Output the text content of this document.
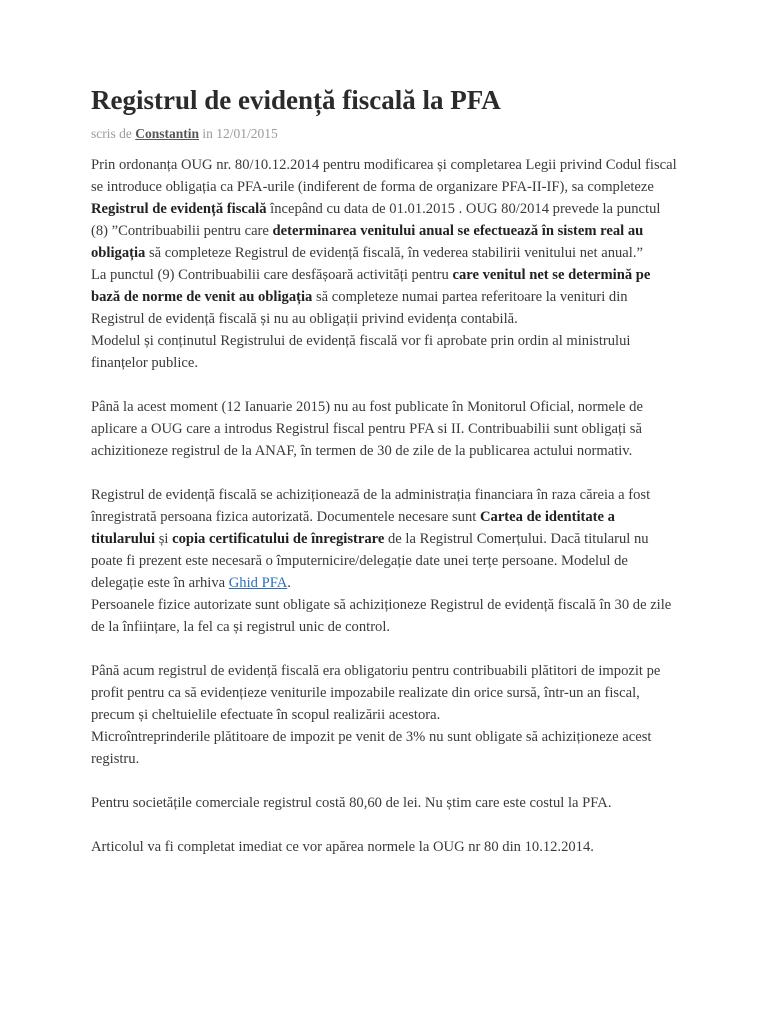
Registrul de evidență fiscală la PFA
scris de Constantin in 12/01/2015

Prin ordonanța OUG nr. 80/10.12.2014 pentru modificarea și completarea Legii privind Codul fiscal se introduce obligația ca PFA-urile (indiferent de forma de organizare PFA-II-IF), sa completeze Registrul de evidență fiscală începând cu data de 01.01.2015 . OUG 80/2014 prevede la punctul (8) ”Contribuabilii pentru care determinarea venitului anual se efectuează în sistem real au obligația să completeze Registrul de evidență fiscală, în vederea stabilirii venitului net anual.”
La punctul (9) Contribuabilii care desfășoară activități pentru care venitul net se determină pe bază de norme de venit au obligația să completeze numai partea referitoare la venituri din Registrul de evidență fiscală și nu au obligații privind evidența contabilă.
Modelul și conținutul Registrului de evidență fiscală vor fi aprobate prin ordin al ministrului finanțelor publice.

Până la acest moment (12 Ianuarie 2015) nu au fost publicate în Monitorul Oficial, normele de aplicare a OUG care a introdus Registrul fiscal pentru PFA si II. Contribuabilii sunt obligați să achizitioneze registrul de la ANAF, în termen de 30 de zile de la publicarea actului normativ.

Registrul de evidență fiscală se achiziționează de la administrația financiara în raza căreia a fost înregistrată persoana fizica autorizată. Documentele necesare sunt Cartea de identitate a titularului și copia certificatului de înregistrare de la Registrul Comerțului. Dacă titularul nu poate fi prezent este necesară o împuternicire/delegație date unei terțe persoane. Modelul de delegație este în arhiva Ghid PFA.
Persoanele fizice autorizate sunt obligate să achiziționeze Registrul de evidență fiscală în 30 de zile de la înființare, la fel ca și registrul unic de control.

Până acum registrul de evidență fiscală era obligatoriu pentru contribuabili plătitori de impozit pe profit pentru ca să evidențieze veniturile impozabile realizate din orice sursă, într-un an fiscal, precum și cheltuielile efectuate în scopul realizării acestora.
Microîntreprinderile plătitoare de impozit pe venit de 3% nu sunt obligate să achiziționeze acest registru.

Pentru societățile comerciale registrul costă 80,60 de lei. Nu știm care este costul la PFA.

Articolul va fi completat imediat ce vor apărea normele la OUG nr 80 din 10.12.2014.
